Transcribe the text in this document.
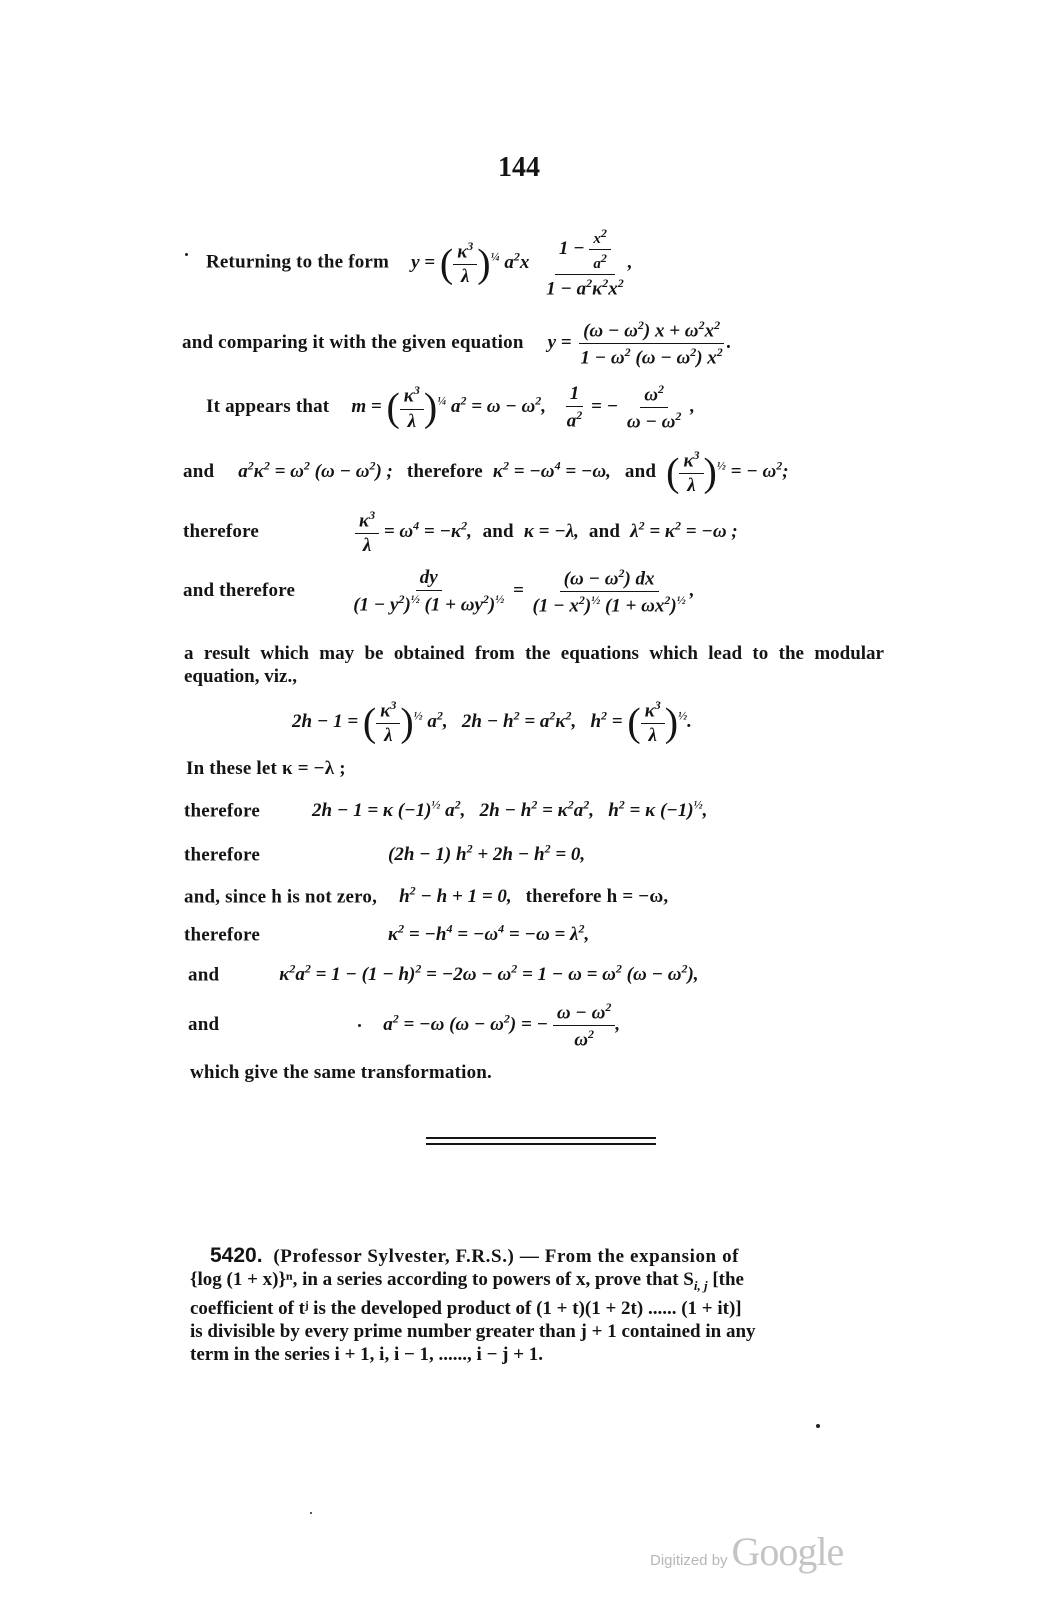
144
Returning to the form y = ( $\frac{\kappa^3}{\lambda} )^{\frac{1}{4}}$ $a^2x \frac{1 - \frac{x^2}{a^2}}{1 - a^2\kappa^2x^2}$ ,
and comparing it with the given equation $y = \frac{(\omega - \omega^2) x + \omega^2x^2}{1 - \omega^2 (\omega - \omega^2) x^2}$ .
It appears that m = ( $\frac{\kappa^3}{\lambda} )^{\frac{1}{4}}$ $a^2 = \omega - \omega^2$, $\frac{1}{a^2}$ = − $\frac{\omega^2}{\omega - \omega^2}$ ,
and $a^2\kappa^2 = \omega^2$ $(\omega - \omega^2)$ ; therefore $\kappa^2 = -\omega^4 = -\omega$, and ( $\frac{\kappa^3}{\lambda} )^{\frac{1}{2}}$ = − $\omega^2$;
therefore	$\frac{\kappa^3}{\lambda} = \omega^4 = -\kappa^2$, and κ = −λ, and $\lambda^2 = \kappa^2 = -\omega$ ;
and therefore	$\frac{dy}{(1 - y^2)^{\frac{1}{2}} (1 + \omega y^2)^{\frac{1}{2}}} = \frac{(\omega - \omega^2) dx}{(1 - x^2)^{\frac{1}{2}} (1 + \omega x^2)^{\frac{1}{2}}}$ ,
a result which may be obtained from the equations which lead to the modular equation, viz.,
2h − 1 = ( $\frac{\kappa^3}{\lambda} )^{\frac{1}{2}}$ $a^2$,   $2h - h^2 = a^2\kappa^2$,   $h^2$ = ( $\frac{\kappa^3}{\lambda} )^{\frac{1}{2}}$.
In these let κ = −λ ;
therefore	2h − 1 = κ $(-1)^{\frac{1}{2}}$ $a^2$,   $2h - h^2 = \kappa^2a^2$,   $h^2 = \kappa$ $(-1)^{\frac{1}{2}}$,
therefore	(2h − 1) $h^2 + 2h - h^2 = 0$,
and, since h is not zero, $h^2 - h + 1 = 0$, therefore h = −ω,
therefore	$\kappa^2 = -h^4 = -\omega^4 = -\omega = \lambda^2$,
and	$\kappa^2a^2 = 1 - (1 - h)^2 = -2\omega - \omega^2 = 1 - \omega = \omega^2$ $(\omega - \omega^2)$,
and	$a^2 = -\omega$ $(\omega - \omega^2)$ = − $\frac{\omega - \omega^2}{\omega^2}$ ,
which give the same transformation.
5420. (Professor Sylvester, F.R.S.) — From the expansion of
{log (1 + x)}ⁿ, in a series according to powers of x, prove that $S_{i, j}$ [the
coefficient of tʲ is the developed product of (1 + t)(1 + 2t) ...... (1 + it)]
is divisible by every prime number greater than j + 1 contained in any
term in the series i + 1, i, i − 1, ......, i − j + 1.
Digitized by Google
